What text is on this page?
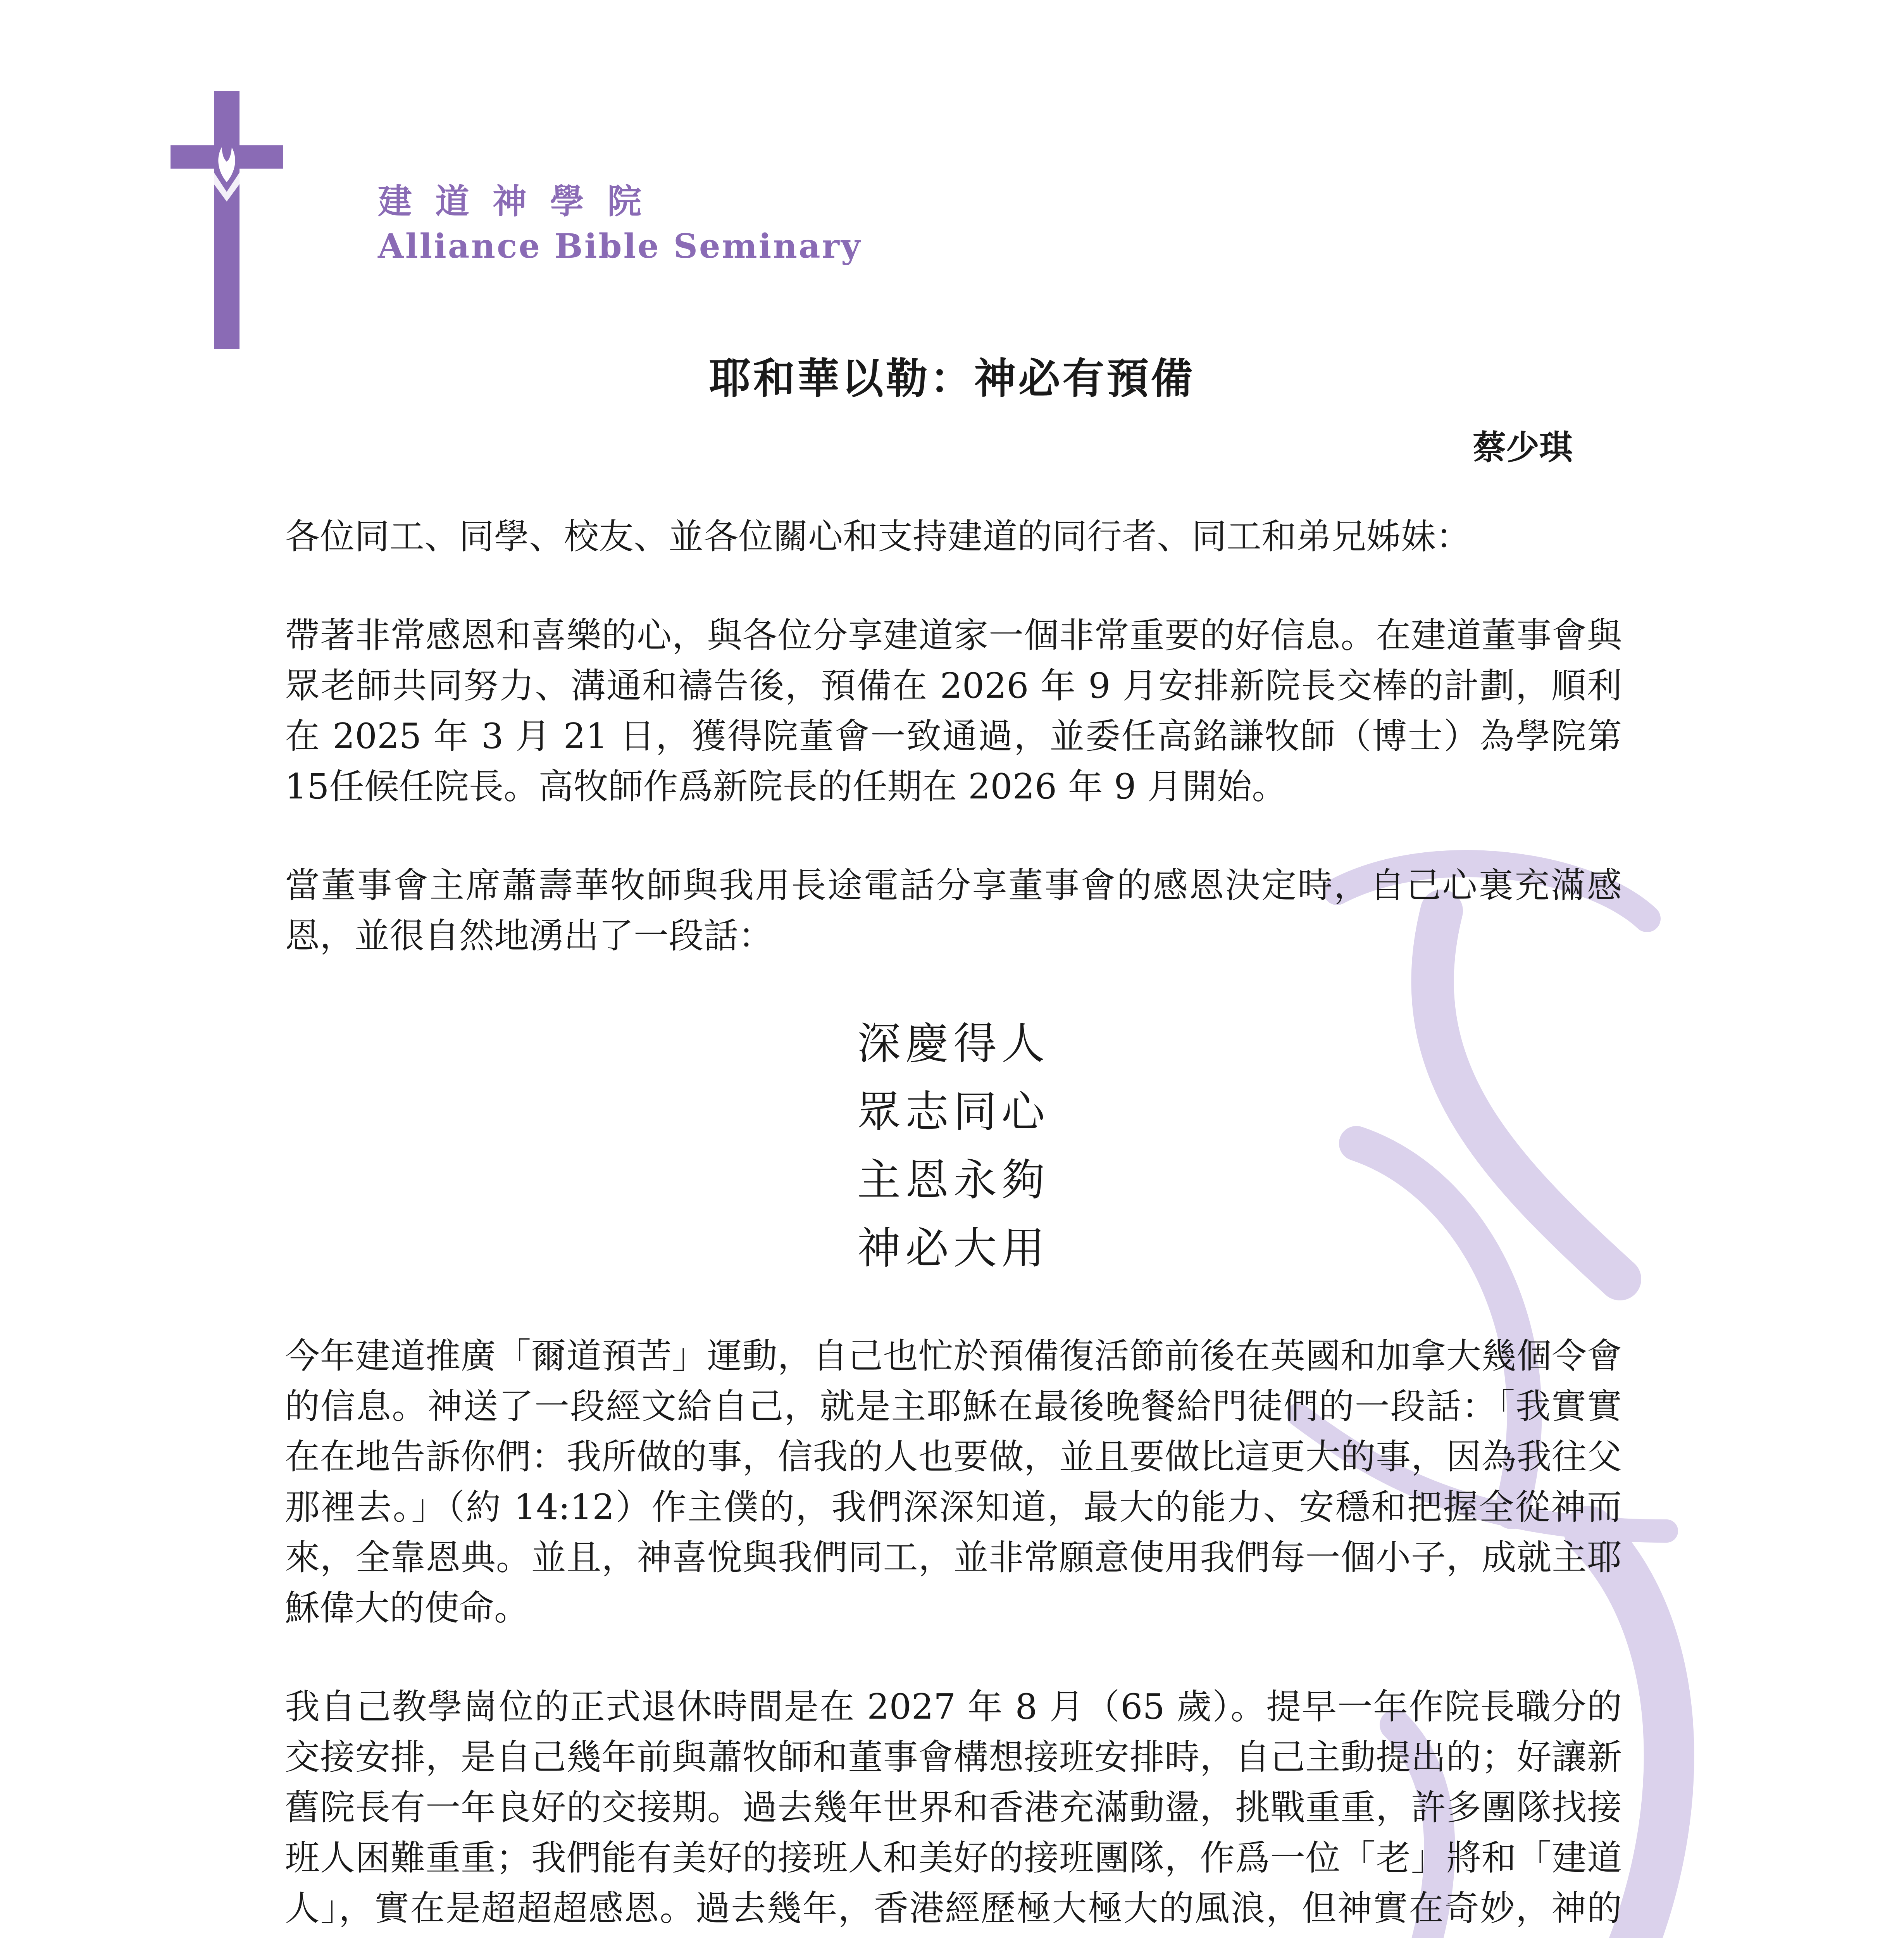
建道神學院
Alliance Bible Seminary
耶和華以勒：神必有預備
蔡少琪

各位同工、同學、校友、並各位關心和支持建道的同行者、同工和弟兄姊妹：

帶著非常感恩和喜樂的心，與各位分享建道家一個非常重要的好信息。在建道董事會與眾老師共同努力、溝通和禱告後，預備在 2026 年 9 月安排新院長交棒的計劃，順利在 2025 年 3 月 21 日，獲得院董會一致通過，並委任高銘謙牧師（博士）為學院第 15任候任院長。高牧師作爲新院長的任期在 2026 年 9 月開始。

當董事會主席蕭壽華牧師與我用長途電話分享董事會的感恩決定時，自己心裏充滿感恩，並很自然地湧出了一段話：

深慶得人
眾志同心
主恩永夠
神必大用

今年建道推廣「爾道預苦」運動，自己也忙於預備復活節前後在英國和加拿大幾個令會的信息。神送了一段經文給自己，就是主耶穌在最後晚餐給門徒們的一段話：「我實實在在地告訴你們：我所做的事，信我的人也要做，並且要做比這更大的事，因為我往父那裡去。」（約 14:12）作主僕的，我們深深知道，最大的能力、安穩和把握全從神而來，全靠恩典。並且，神喜悅與我們同工，並非常願意使用我們每一個小子，成就主耶穌偉大的使命。

我自己教學崗位的正式退休時間是在 2027 年 8 月（65 歲）。提早一年作院長職分的交接安排，是自己幾年前與蕭牧師和董事會構想接班安排時，自己主動提出的；好讓新舊院長有一年良好的交接期。過去幾年世界和香港充滿動盪，挑戰重重，許多團隊找接班人困難重重；我們能有美好的接班人和美好的接班團隊，作爲一位「老」將和「建道人」，實在是超超超感恩。過去幾年，香港經歷極大極大的風浪，但神實在奇妙，神的
